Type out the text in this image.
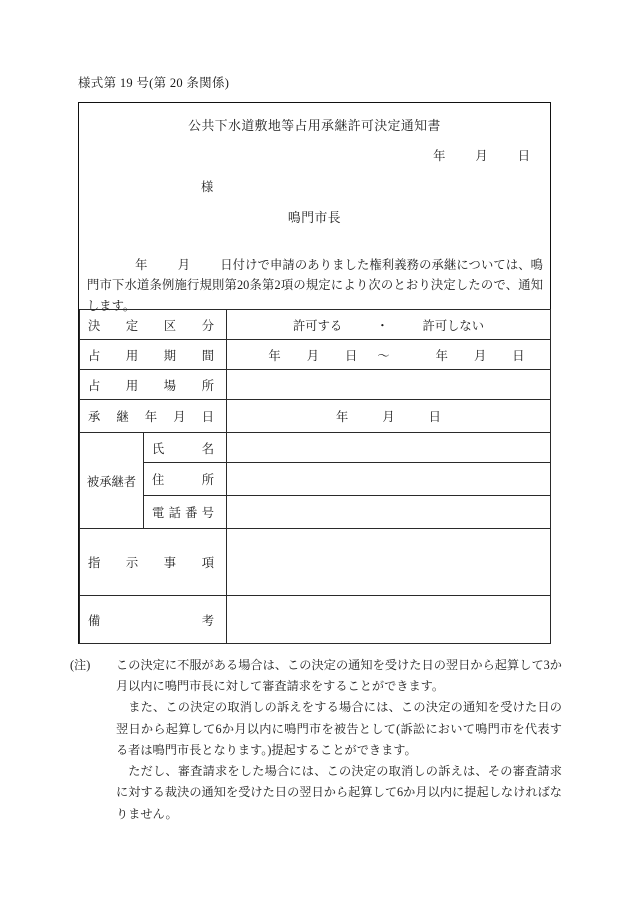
様式第 19 号(第 20 条関係)
公共下水道敷地等占用承継許可決定通知書
年 月 日
様
鳴門市長
年 月 日付けで申請のありました権利義務の承継については、鳴門市下水道条例施行規則第20条第2項の規定により次のとおり決定したので、通知します。
決定区分		許可する ・ 許可しない
占用期間		年 月 日 ～ 年 月 日
占用場所		
承継年月日		年 月 日
被承継者	氏名	
	住所	
	電話番号	
指示事項		
備考		
(注)	この決定に不服がある場合は、この決定の通知を受けた日の翌日から起算して3か月以内に鳴門市長に対して審査請求をすることができます。
また、この決定の取消しの訴えをする場合には、この決定の通知を受けた日の翌日から起算して6か月以内に鳴門市を被告として(訴訟において鳴門市を代表する者は鳴門市長となります。)提起することができます。
ただし、審査請求をした場合には、この決定の取消しの訴えは、その審査請求に対する裁決の通知を受けた日の翌日から起算して6か月以内に提起しなければなりません。
